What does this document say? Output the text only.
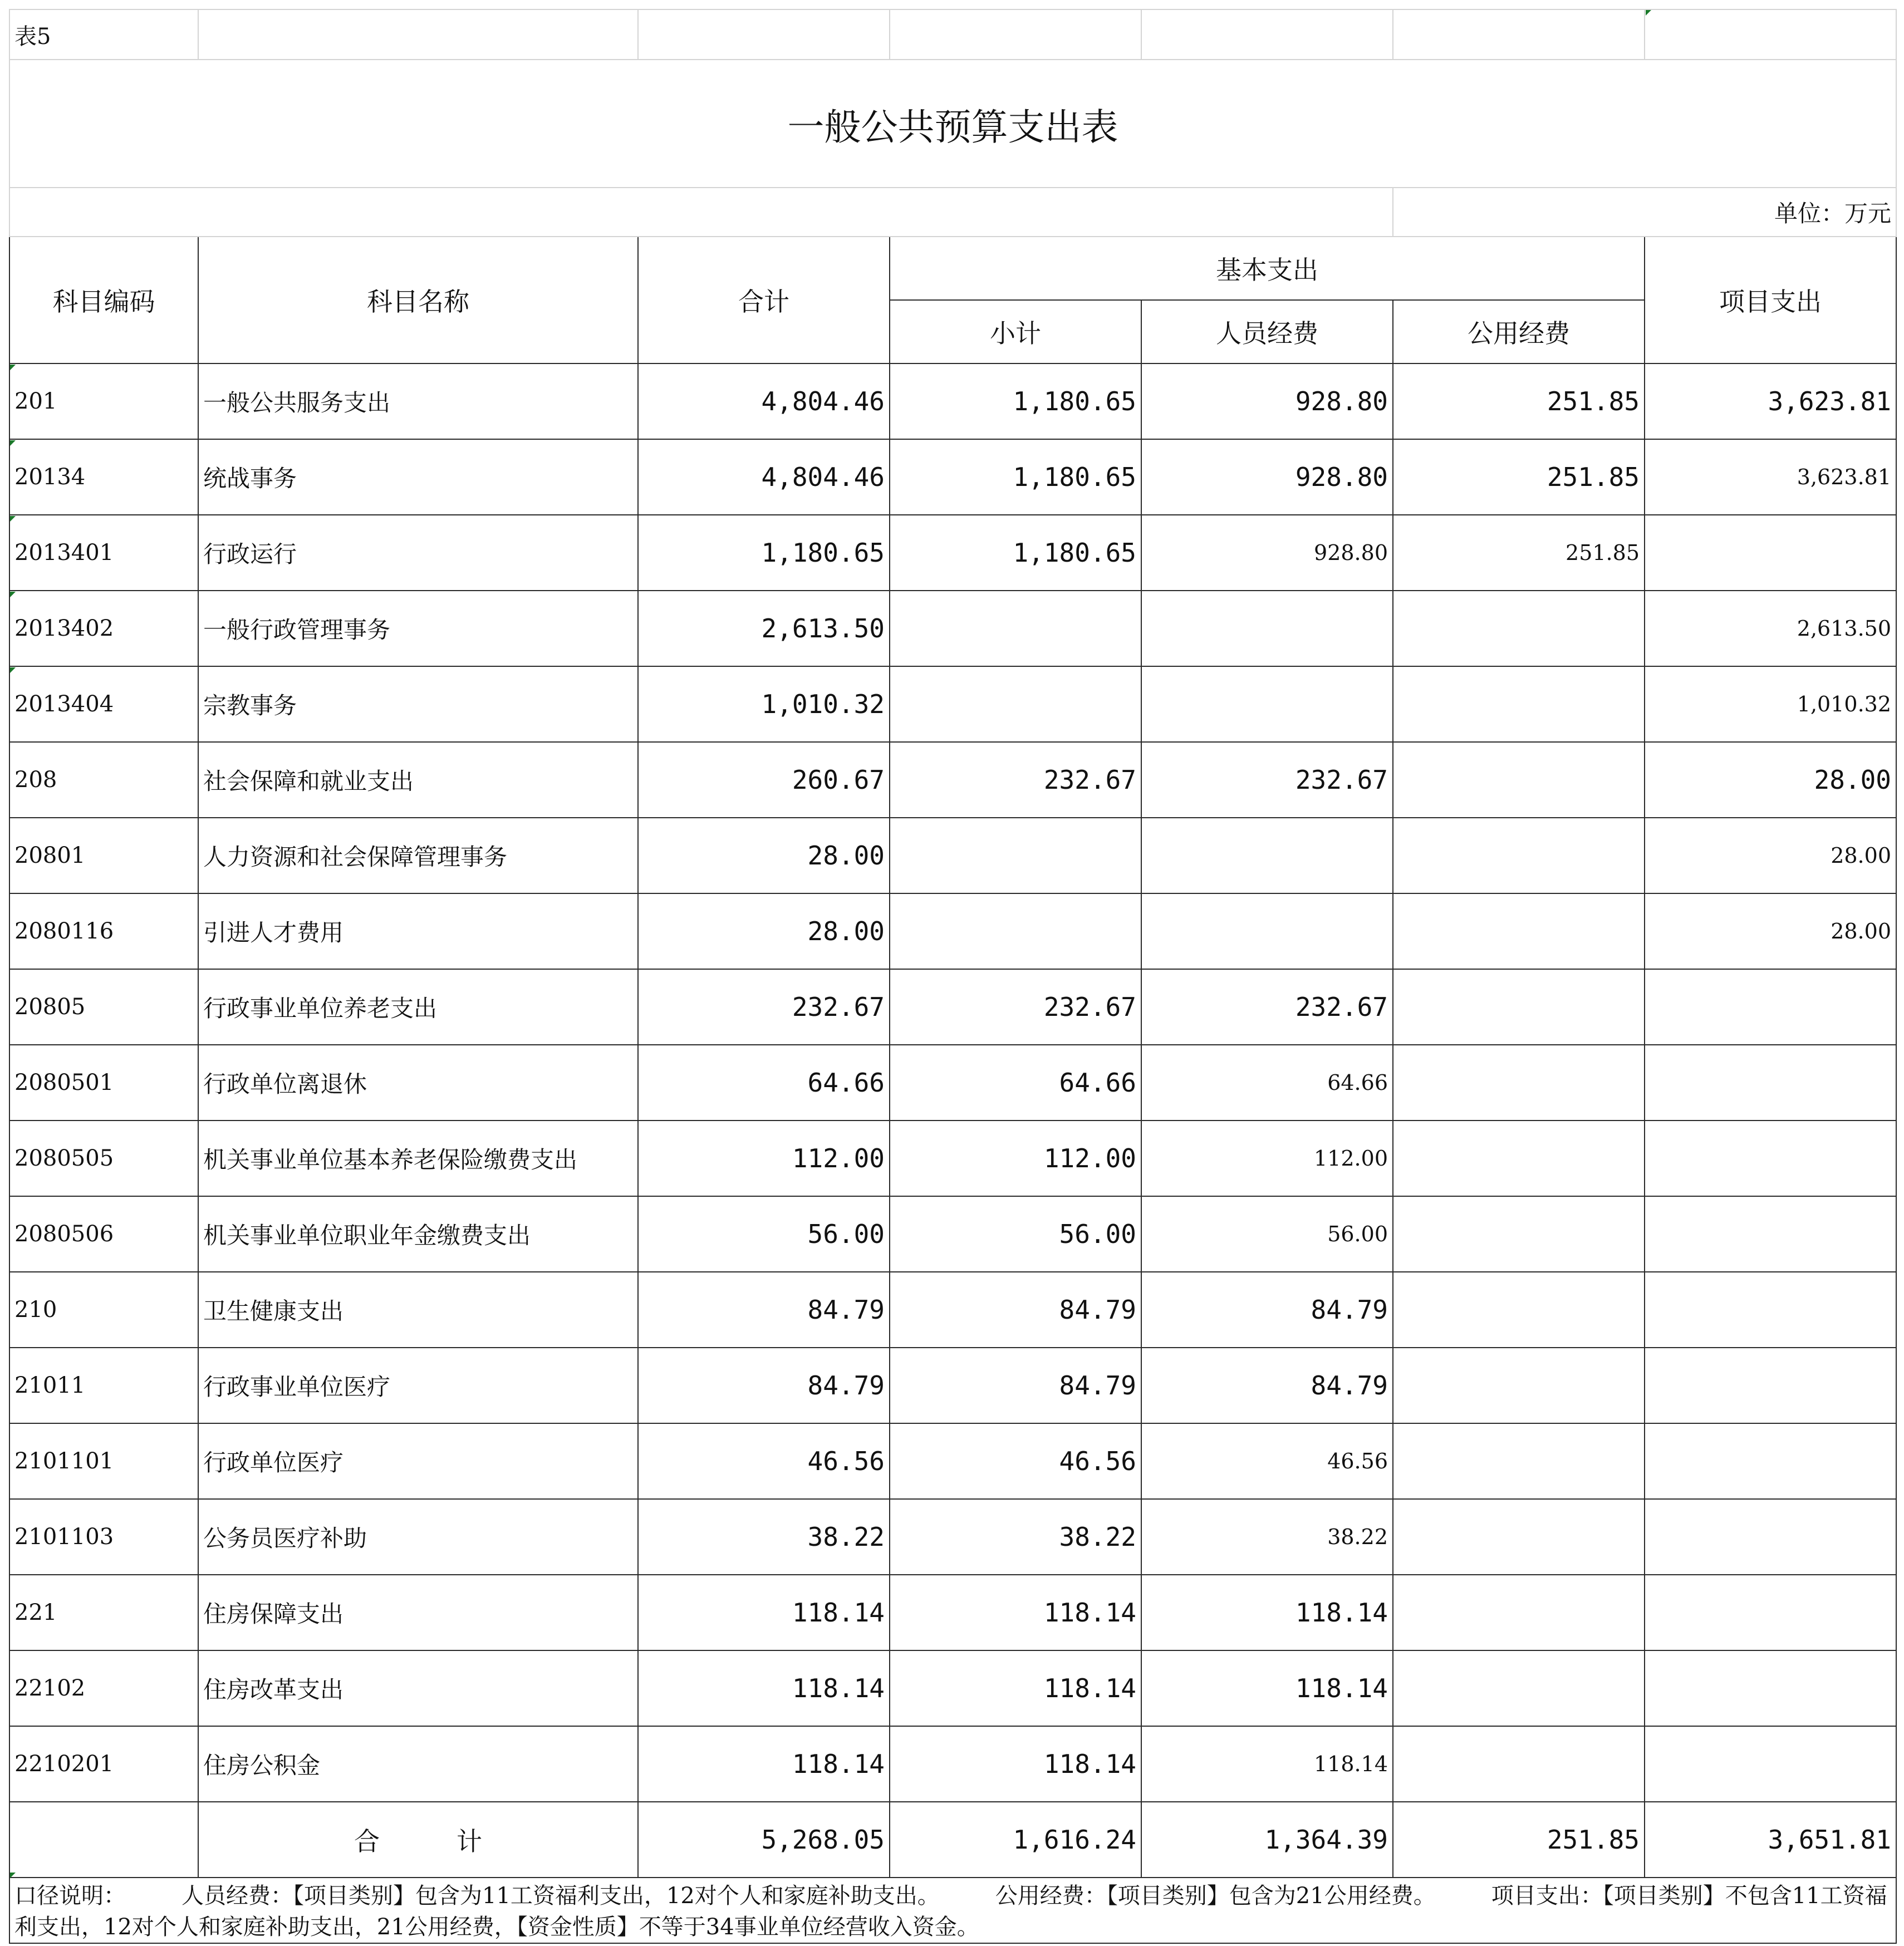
表5						
一般公共预算支出表						
					单位：万元	
科目编码	科目名称	合计	基本支出			项目支出
			小计	人员经费	公用经费	
201	一般公共服务支出	4,804.46	1,180.65	928.80	251.85	3,623.81
20134	统战事务	4,804.46	1,180.65	928.80	251.85	3,623.81
2013401	行政运行	1,180.65	1,180.65	928.80	251.85	
2013402	一般行政管理事务	2,613.50				2,613.50
2013404	宗教事务	1,010.32				1,010.32
208	社会保障和就业支出	260.67	232.67	232.67		28.00
20801	人力资源和社会保障管理事务	28.00				28.00
2080116	引进人才费用	28.00				28.00
20805	行政事业单位养老支出	232.67	232.67	232.67		
2080501	行政单位离退休	64.66	64.66	64.66		
2080505	机关事业单位基本养老保险缴费支出	112.00	112.00	112.00		
2080506	机关事业单位职业年金缴费支出	56.00	56.00	56.00		
210	卫生健康支出	84.79	84.79	84.79		
21011	行政事业单位医疗	84.79	84.79	84.79		
2101101	行政单位医疗	46.56	46.56	46.56		
2101103	公务员医疗补助	38.22	38.22	38.22		
221	住房保障支出	118.14	118.14	118.14		
22102	住房改革支出	118.14	118.14	118.14		
2210201	住房公积金	118.14	118.14	118.14		
	合　　　计	5,268.05	1,616.24	1,364.39	251.85	3,651.81
口径说明：　　　人员经费：【项目类别】包含为11工资福利支出，12对个人和家庭补助支出。　　　公用经费：【项目类别】包含为21公用经费。　　　项目支出：【项目类别】不包含11工资福利支出，12对个人和家庭补助支出，21公用经费，【资金性质】不等于34事业单位经营收入资金。						
